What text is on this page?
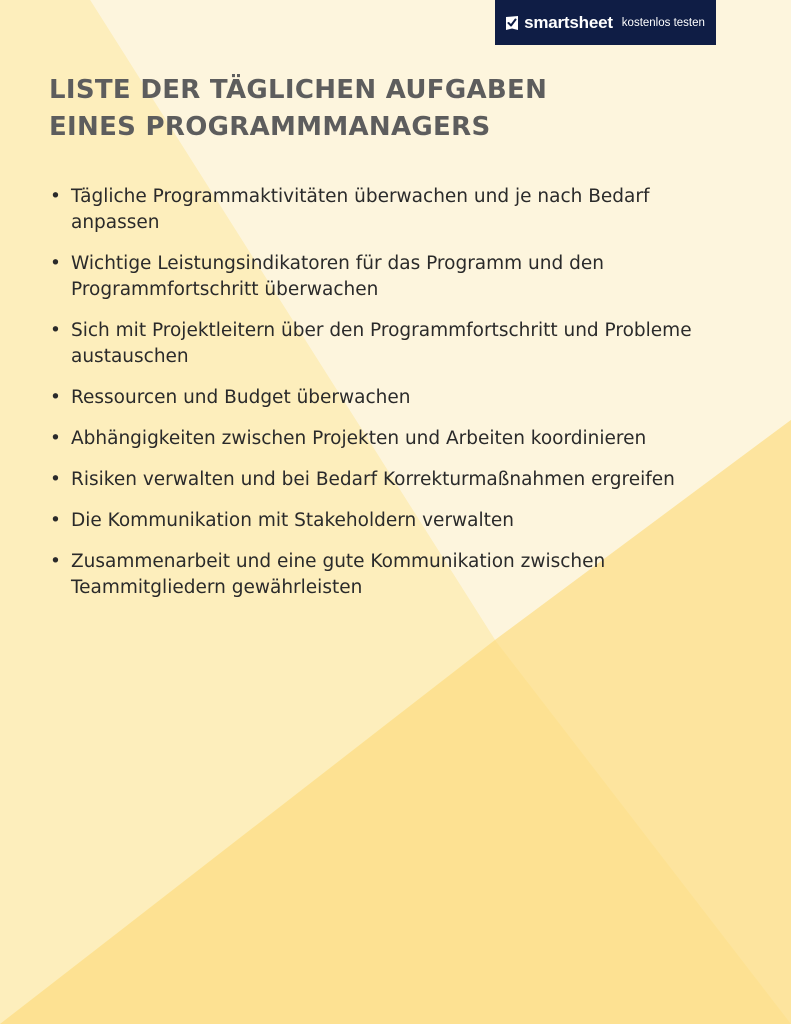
smartsheet kostenlos testen
LISTE DER TÄGLICHEN AUFGABEN
EINES PROGRAMMMANAGERS
• Tägliche Programmaktivitäten überwachen und je nach Bedarf anpassen
• Wichtige Leistungsindikatoren für das Programm und den Programmfortschritt überwachen
• Sich mit Projektleitern über den Programmfortschritt und Probleme austauschen
• Ressourcen und Budget überwachen
• Abhängigkeiten zwischen Projekten und Arbeiten koordinieren
• Risiken verwalten und bei Bedarf Korrekturmaßnahmen ergreifen
• Die Kommunikation mit Stakeholdern verwalten
• Zusammenarbeit und eine gute Kommunikation zwischen Teammitgliedern gewährleisten
